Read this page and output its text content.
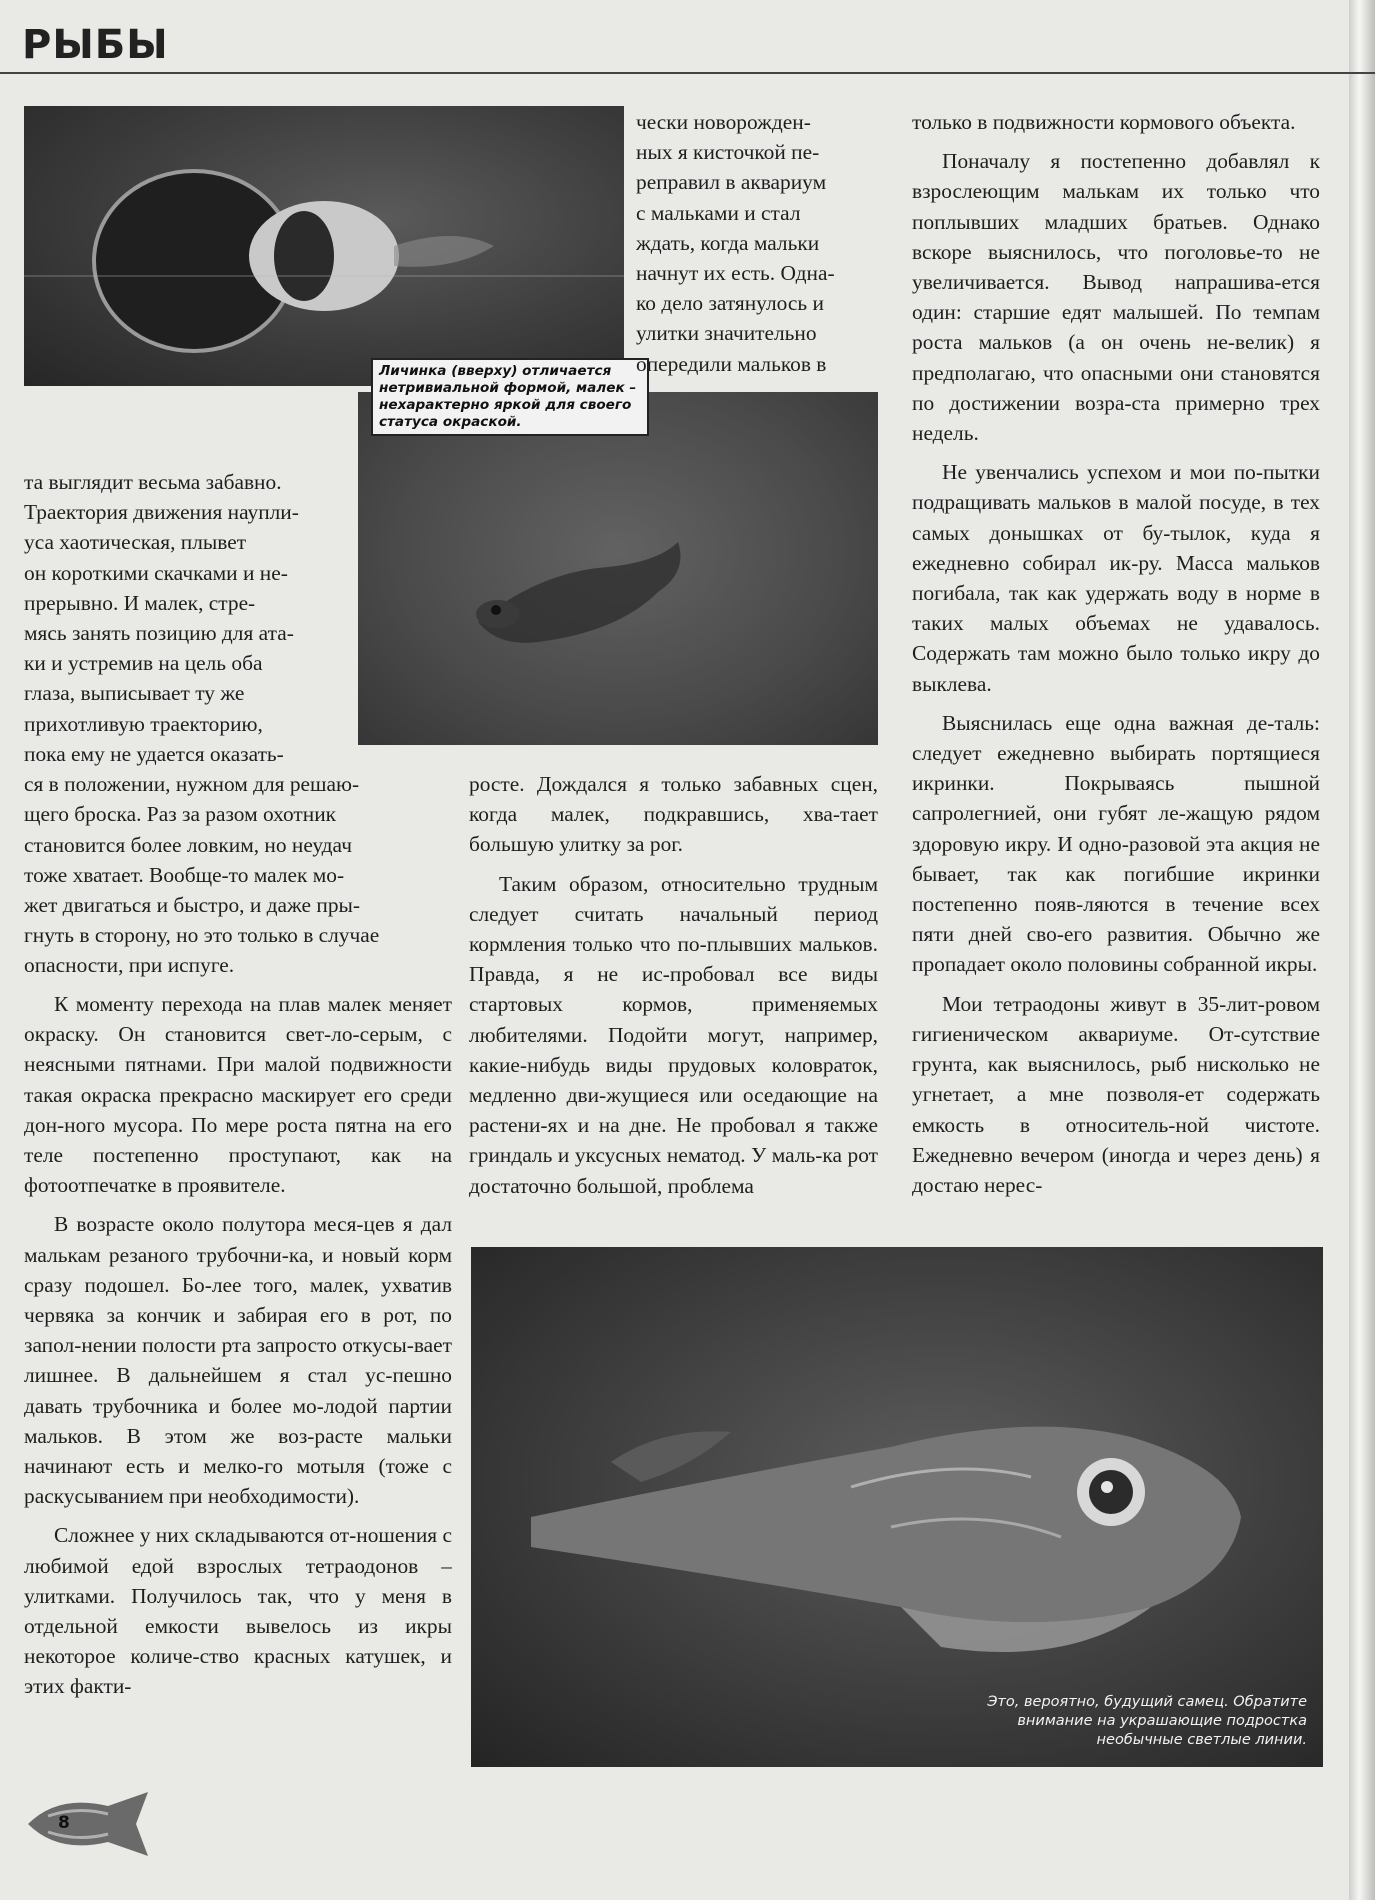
РЫБЫ
Личинка (вверху) отличается нетривиальной формой, малек – нехарактерно яркой для своего статуса окраской.

та выглядит весьма забавно.

Траектория движения наупли-

уса хаотическая, плывет

он короткими скачками и не-

прерывно. И малек, стре-

мясь занять позицию для ата-

ки и устремив на цель оба

глаза, выписывает ту же

прихотливую траекторию,

пока ему не удается оказать-

ся в положении, нужном для решаю-

щего броска. Раз за разом охотник

становится более ловким, но неудач

тоже хватает. Вообще-то малек мо-

жет двигаться и быстро, и даже пры-

гнуть в сторону, но это только в случае

опасности, при испуге.

К моменту перехода на плав малек меняет окраску. Он становится свет-ло-серым, с неясными пятнами. При малой подвижности такая окраска прекрасно маскирует его среди дон-ного мусора. По мере роста пятна на его теле постепенно проступают, как на фотоотпечатке в проявителе.

В возрасте около полутора меся-цев я дал малькам резаного трубочни-ка, и новый корм сразу подошел. Бо-лее того, малек, ухватив червяка за кончик и забирая его в рот, по запол-нении полости рта запросто откусы-вает лишнее. В дальнейшем я стал ус-пешно давать трубочника и более мо-лодой партии мальков. В этом же воз-расте мальки начинают есть и мелко-го мотыля (тоже с раскусыванием при необходимости).

Сложнее у них складываются от-ношения с любимой едой взрослых тетраодонов – улитками. Получилось так, что у меня в отдельной емкости вывелось из икры некоторое количе-ство красных катушек, и этих факти-

чески новорожден-

ных я кисточкой пе-

реправил в аквариум

с мальками и стал

ждать, когда мальки

начнут их есть. Одна-

ко дело затянулось и

улитки значительно

опередили мальков в

росте. Дождался я только забавных сцен, когда малек, подкравшись, хва-тает большую улитку за рог.

Таким образом, относительно трудным следует считать начальный период кормления только что по-плывших мальков. Правда, я не ис-пробовал все виды стартовых кормов, применяемых любителями. Подойти могут, например, какие-нибудь виды прудовых коловраток, медленно дви-жущиеся или оседающие на растени-ях и на дне. Не пробовал я также гриндаль и уксусных нематод. У маль-ка рот достаточно большой, проблема

только в подвижности кормового объекта.

Поначалу я постепенно добавлял к взрослеющим малькам их только что поплывших младших братьев. Однако вскоре выяснилось, что поголовье-то не увеличивается. Вывод напрашива-ется один: старшие едят малышей. По темпам роста мальков (а он очень не-велик) я предполагаю, что опасными они становятся по достижении возра-ста примерно трех недель.

Не увенчались успехом и мои по-пытки подращивать мальков в малой посуде, в тех самых донышках от бу-тылок, куда я ежедневно собирал ик-ру. Масса мальков погибала, так как удержать воду в норме в таких малых объемах не удавалось. Содержать там можно было только икру до выклева.

Выяснилась еще одна важная де-таль: следует ежедневно выбирать портящиеся икринки. Покрываясь пышной сапролегнией, они губят ле-жащую рядом здоровую икру. И одно-разовой эта акция не бывает, так как погибшие икринки постепенно появ-ляются в течение всех пяти дней сво-его развития. Обычно же пропадает около половины собранной икры.

Мои тетраодоны живут в 35-лит-ровом гигиеническом аквариуме. От-сутствие грунта, как выяснилось, рыб нисколько не угнетает, а мне позволя-ет содержать емкость в относитель-ной чистоте. Ежедневно вечером (иногда и через день) я достаю нерес-

Это, вероятно, будущий самец. Обратите внимание на украшающие подростка необычные светлые линии.
8
